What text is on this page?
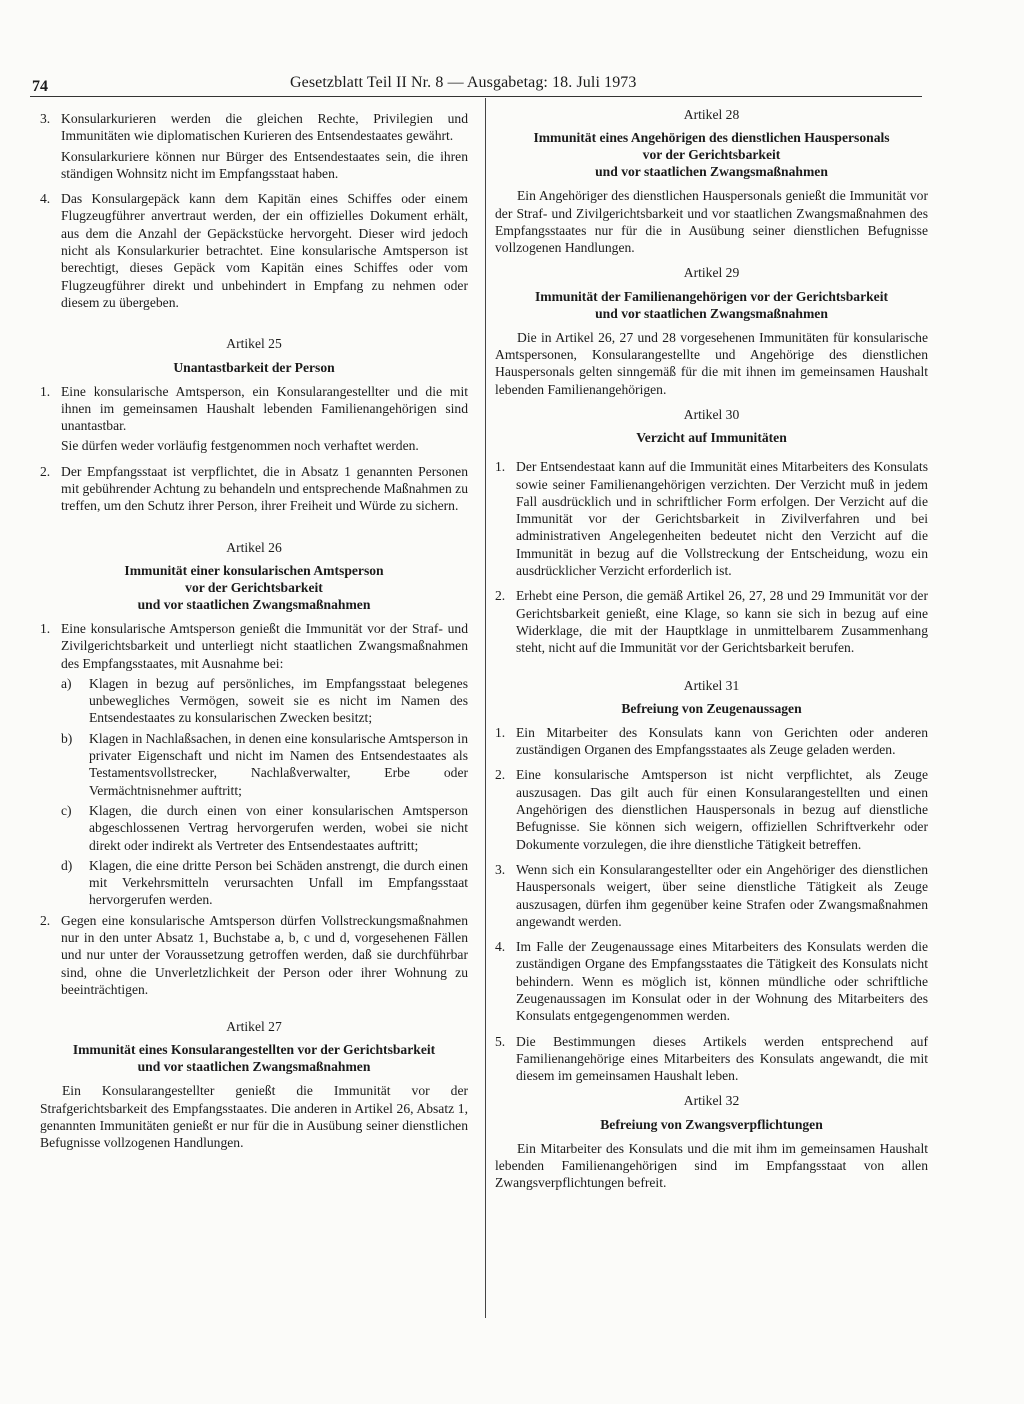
74	Gesetzblatt Teil II Nr. 8 — Ausgabetag: 18. Juli 1973
3. Konsularkurieren werden die gleichen Rechte, Privilegien und Immunitäten wie diplomatischen Kurieren des Entsendestaates gewährt.

Konsularkuriere können nur Bürger des Entsendestaates sein, die ihren ständigen Wohnsitz nicht im Empfangsstaat haben.

4. Das Konsulargepäck kann dem Kapitän eines Schiffes oder einem Flugzeugführer anvertraut werden, der ein offizielles Dokument erhält, aus dem die Anzahl der Gepäckstücke hervorgeht. Dieser wird jedoch nicht als Konsularkurier betrachtet. Eine konsularische Amtsperson ist berechtigt, dieses Gepäck vom Kapitän eines Schiffes oder vom Flugzeugführer direkt und unbehindert in Empfang zu nehmen oder diesem zu übergeben.

Artikel 25
Unantastbarkeit der Person
1. Eine konsularische Amtsperson, ein Konsularangestellter und die mit ihnen im gemeinsamen Haushalt lebenden Familienangehörigen sind unantastbar.

Sie dürfen weder vorläufig festgenommen noch verhaftet werden.

2. Der Empfangsstaat ist verpflichtet, die in Absatz 1 genannten Personen mit gebührender Achtung zu behandeln und entsprechende Maßnahmen zu treffen, um den Schutz ihrer Person, ihrer Freiheit und Würde zu sichern.

Artikel 26
Immunität einer konsularischen Amtsperson
vor der Gerichtsbarkeit
und vor staatlichen Zwangsmaßnahmen
1. Eine konsularische Amtsperson genießt die Immunität vor der Straf- und Zivilgerichtsbarkeit und unterliegt nicht staatlichen Zwangsmaßnahmen des Empfangsstaates, mit Ausnahme bei:

a) Klagen in bezug auf persönliches, im Empfangsstaat belegenes unbewegliches Vermögen, soweit sie es nicht im Namen des Entsendestaates zu konsularischen Zwecken besitzt;

b) Klagen in Nachlaßsachen, in denen eine konsularische Amtsperson in privater Eigenschaft und nicht im Namen des Entsendestaates als Testamentsvollstrecker, Nachlaßverwalter, Erbe oder Vermächtnisnehmer auftritt;

c) Klagen, die durch einen von einer konsularischen Amtsperson abgeschlossenen Vertrag hervorgerufen werden, wobei sie nicht direkt oder indirekt als Vertreter des Entsendestaates auftritt;

d) Klagen, die eine dritte Person bei Schäden anstrengt, die durch einen mit Verkehrsmitteln verursachten Unfall im Empfangsstaat hervorgerufen werden.

2. Gegen eine konsularische Amtsperson dürfen Vollstreckungsmaßnahmen nur in den unter Absatz 1, Buchstabe a, b, c und d, vorgesehenen Fällen und nur unter der Voraussetzung getroffen werden, daß sie durchführbar sind, ohne die Unverletzlichkeit der Person oder ihrer Wohnung zu beeinträchtigen.

Artikel 27
Immunität eines Konsularangestellten vor der Gerichtsbarkeit
und vor staatlichen Zwangsmaßnahmen

Ein Konsularangestellter genießt die Immunität vor der Strafgerichtsbarkeit des Empfangsstaates. Die anderen in Artikel 26, Absatz 1, genannten Immunitäten genießt er nur für die in Ausübung seiner dienstlichen Befugnisse vollzogenen Handlungen.

Artikel 28
Immunität eines Angehörigen des dienstlichen Hauspersonals
vor der Gerichtsbarkeit
und vor staatlichen Zwangsmaßnahmen

Ein Angehöriger des dienstlichen Hauspersonals genießt die Immunität vor der Straf- und Zivilgerichtsbarkeit und vor staatlichen Zwangsmaßnahmen des Empfangsstaates nur für die in Ausübung seiner dienstlichen Befugnisse vollzogenen Handlungen.

Artikel 29
Immunität der Familienangehörigen vor der Gerichtsbarkeit
und vor staatlichen Zwangsmaßnahmen

Die in Artikel 26, 27 und 28 vorgesehenen Immunitäten für konsularische Amtspersonen, Konsularangestellte und Angehörige des dienstlichen Hauspersonals gelten sinngemäß für die mit ihnen im gemeinsamen Haushalt lebenden Familienangehörigen.

Artikel 30
Verzicht auf Immunitäten
1. Der Entsendestaat kann auf die Immunität eines Mitarbeiters des Konsulats sowie seiner Familienangehörigen verzichten. Der Verzicht muß in jedem Fall ausdrücklich und in schriftlicher Form erfolgen. Der Verzicht auf die Immunität vor der Gerichtsbarkeit in Zivilverfahren und bei administrativen Angelegenheiten bedeutet nicht den Verzicht auf die Immunität in bezug auf die Vollstreckung der Entscheidung, wozu ein ausdrücklicher Verzicht erforderlich ist.

2. Erhebt eine Person, die gemäß Artikel 26, 27, 28 und 29 Immunität vor der Gerichtsbarkeit genießt, eine Klage, so kann sie sich in bezug auf eine Widerklage, die mit der Hauptklage in unmittelbarem Zusammenhang steht, nicht auf die Immunität vor der Gerichtsbarkeit berufen.

Artikel 31
Befreiung von Zeugenaussagen
1. Ein Mitarbeiter des Konsulats kann von Gerichten oder anderen zuständigen Organen des Empfangsstaates als Zeuge geladen werden.

2. Eine konsularische Amtsperson ist nicht verpflichtet, als Zeuge auszusagen. Das gilt auch für einen Konsularangestellten und einen Angehörigen des dienstlichen Hauspersonals in bezug auf dienstliche Befugnisse. Sie können sich weigern, offiziellen Schriftverkehr oder Dokumente vorzulegen, die ihre dienstliche Tätigkeit betreffen.

3. Wenn sich ein Konsularangestellter oder ein Angehöriger des dienstlichen Hauspersonals weigert, über seine dienstliche Tätigkeit als Zeuge auszusagen, dürfen ihm gegenüber keine Strafen oder Zwangsmaßnahmen angewandt werden.

4. Im Falle der Zeugenaussage eines Mitarbeiters des Konsulats werden die zuständigen Organe des Empfangsstaates die Tätigkeit des Konsulats nicht behindern. Wenn es möglich ist, können mündliche oder schriftliche Zeugenaussagen im Konsulat oder in der Wohnung des Mitarbeiters des Konsulats entgegengenommen werden.

5. Die Bestimmungen dieses Artikels werden entsprechend auf Familienangehörige eines Mitarbeiters des Konsulats angewandt, die mit diesem im gemeinsamen Haushalt leben.

Artikel 32
Befreiung von Zwangsverpflichtungen

Ein Mitarbeiter des Konsulats und die mit ihm im gemeinsamen Haushalt lebenden Familienangehörigen sind im Empfangsstaat von allen Zwangsverpflichtungen befreit.
